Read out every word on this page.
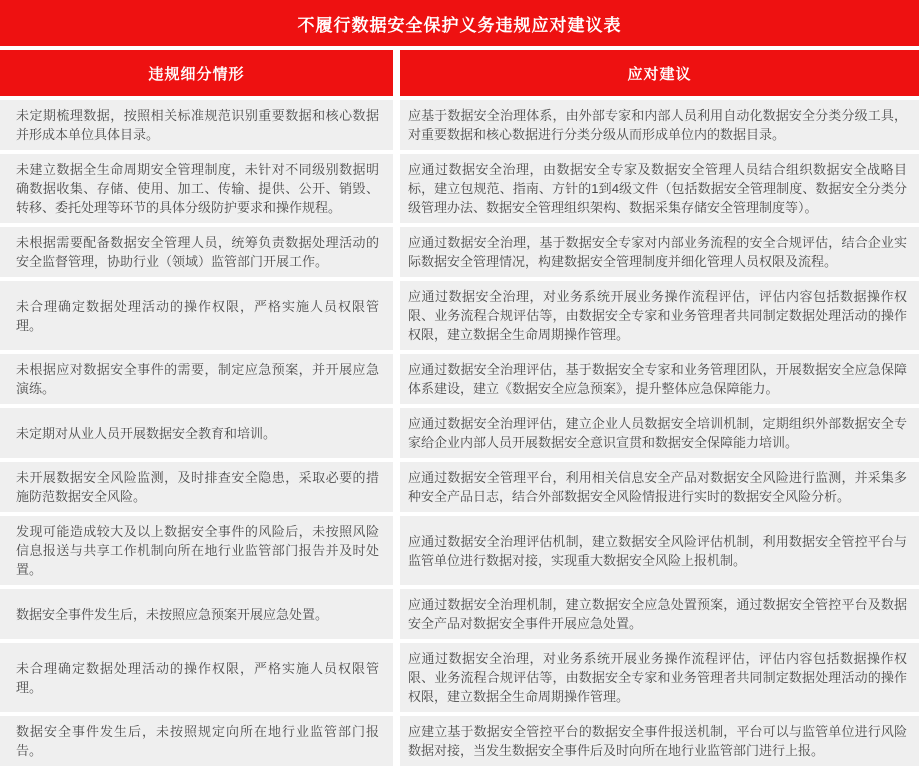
不履行数据安全保护义务违规应对建议表
违规细分情形	应对建议
未定期梳理数据，按照相关标准规范识别重要数据和核心数据并形成本单位具体目录。
应基于数据安全治理体系，由外部专家和内部人员利用自动化数据安全分类分级工具，对重要数据和核心数据进行分类分级从而形成单位内的数据目录。
未建立数据全生命周期安全管理制度，未针对不同级别数据明确数据收集、存储、使用、加工、传输、提供、公开、销毁、转移、委托处理等环节的具体分级防护要求和操作规程。
应通过数据安全治理，由数据安全专家及数据安全管理人员结合组织数据安全战略目标，建立包规范、指南、方针的1到4级文件（包括数据安全管理制度、数据安全分类分级管理办法、数据安全管理组织架构、数据采集存储安全管理制度等）。
未根据需要配备数据安全管理人员，统筹负责数据处理活动的安全监督管理，协助行业（领域）监管部门开展工作。
应通过数据安全治理，基于数据安全专家对内部业务流程的安全合规评估，结合企业实际数据安全管理情况，构建数据安全管理制度并细化管理人员权限及流程。
未合理确定数据处理活动的操作权限，严格实施人员权限管理。
应通过数据安全治理，对业务系统开展业务操作流程评估，评估内容包括数据操作权限、业务流程合规评估等，由数据安全专家和业务管理者共同制定数据处理活动的操作权限，建立数据全生命周期操作管理。
未根据应对数据安全事件的需要，制定应急预案，并开展应急演练。
应通过数据安全治理评估，基于数据安全专家和业务管理团队，开展数据安全应急保障体系建设，建立《数据安全应急预案》，提升整体应急保障能力。
未定期对从业人员开展数据安全教育和培训。
应通过数据安全治理评估，建立企业人员数据安全培训机制，定期组织外部数据安全专家给企业内部人员开展数据安全意识宣贯和数据安全保障能力培训。
未开展数据安全风险监测，及时排查安全隐患，采取必要的措施防范数据安全风险。
应通过数据安全管理平台，利用相关信息安全产品对数据安全风险进行监测，并采集多种安全产品日志，结合外部数据安全风险情报进行实时的数据安全风险分析。
发现可能造成较大及以上数据安全事件的风险后，未按照风险信息报送与共享工作机制向所在地行业监管部门报告并及时处置。
应通过数据安全治理评估机制，建立数据安全风险评估机制，利用数据安全管控平台与监管单位进行数据对接，实现重大数据安全风险上报机制。
数据安全事件发生后，未按照应急预案开展应急处置。
应通过数据安全治理机制，建立数据安全应急处置预案，通过数据安全管控平台及数据安全产品对数据安全事件开展应急处置。
未合理确定数据处理活动的操作权限，严格实施人员权限管理。
应通过数据安全治理，对业务系统开展业务操作流程评估，评估内容包括数据操作权限、业务流程合规评估等，由数据安全专家和业务管理者共同制定数据处理活动的操作权限，建立数据全生命周期操作管理。
数据安全事件发生后，未按照规定向所在地行业监管部门报告。
应建立基于数据安全管控平台的数据安全事件报送机制，平台可以与监管单位进行风险数据对接，当发生数据安全事件后及时向所在地行业监管部门进行上报。
